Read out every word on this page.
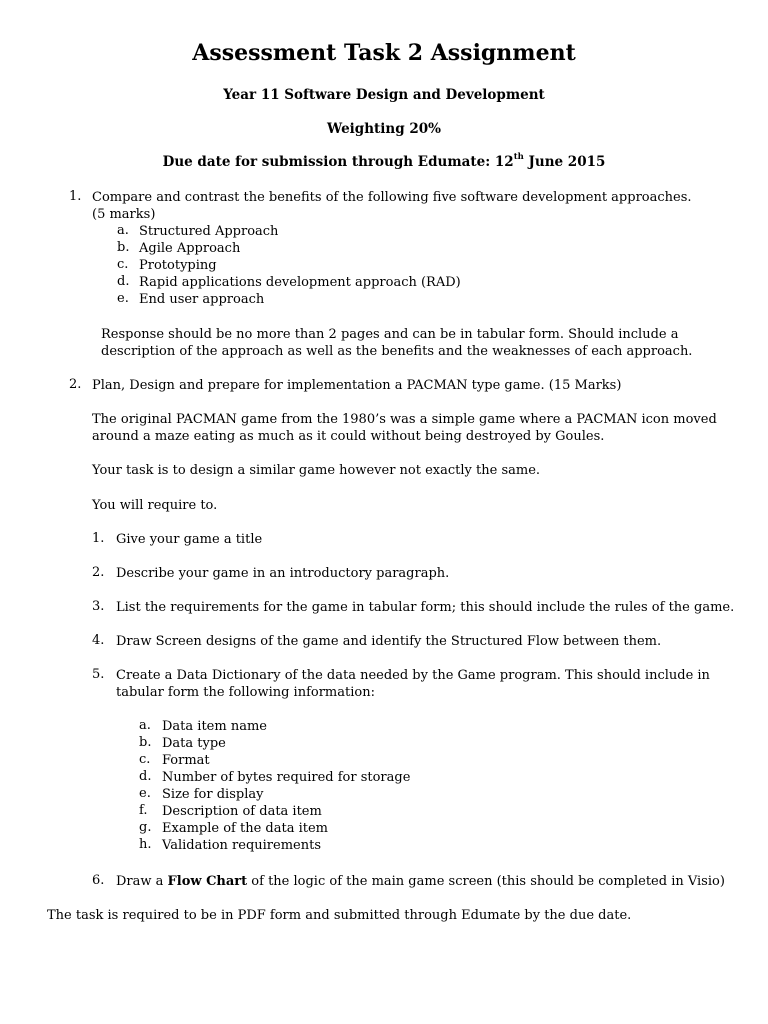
Assessment Task 2 Assignment
Year 11 Software Design and Development
Weighting 20%
Due date for submission through Edumate: 12th June 2015
1. Compare and contrast the benefits of the following five software development approaches.
(5 marks)
a. Structured Approach
b. Agile Approach
c. Prototyping
d. Rapid applications development approach (RAD)
e. End user approach
Response should be no more than 2 pages and can be in tabular form. Should include a
description of the approach as well as the benefits and the weaknesses of each approach.
2. Plan, Design and prepare for implementation a PACMAN type game. (15 Marks)
The original PACMAN game from the 1980’s was a simple game where a PACMAN icon moved
around a maze eating as much as it could without being destroyed by Goules.
Your task is to design a similar game however not exactly the same.
You will require to.
1. Give your game a title
2. Describe your game in an introductory paragraph.
3. List the requirements for the game in tabular form; this should include the rules of the game.
4. Draw Screen designs of the game and identify the Structured Flow between them.
5. Create a Data Dictionary of the data needed by the Game program. This should include in
tabular form the following information:
a. Data item name
b. Data type
c. Format
d. Number of bytes required for storage
e. Size for display
f. Description of data item
g. Example of the data item
h. Validation requirements
6. Draw a Flow Chart of the logic of the main game screen (this should be completed in Visio)
The task is required to be in PDF form and submitted through Edumate by the due date.
